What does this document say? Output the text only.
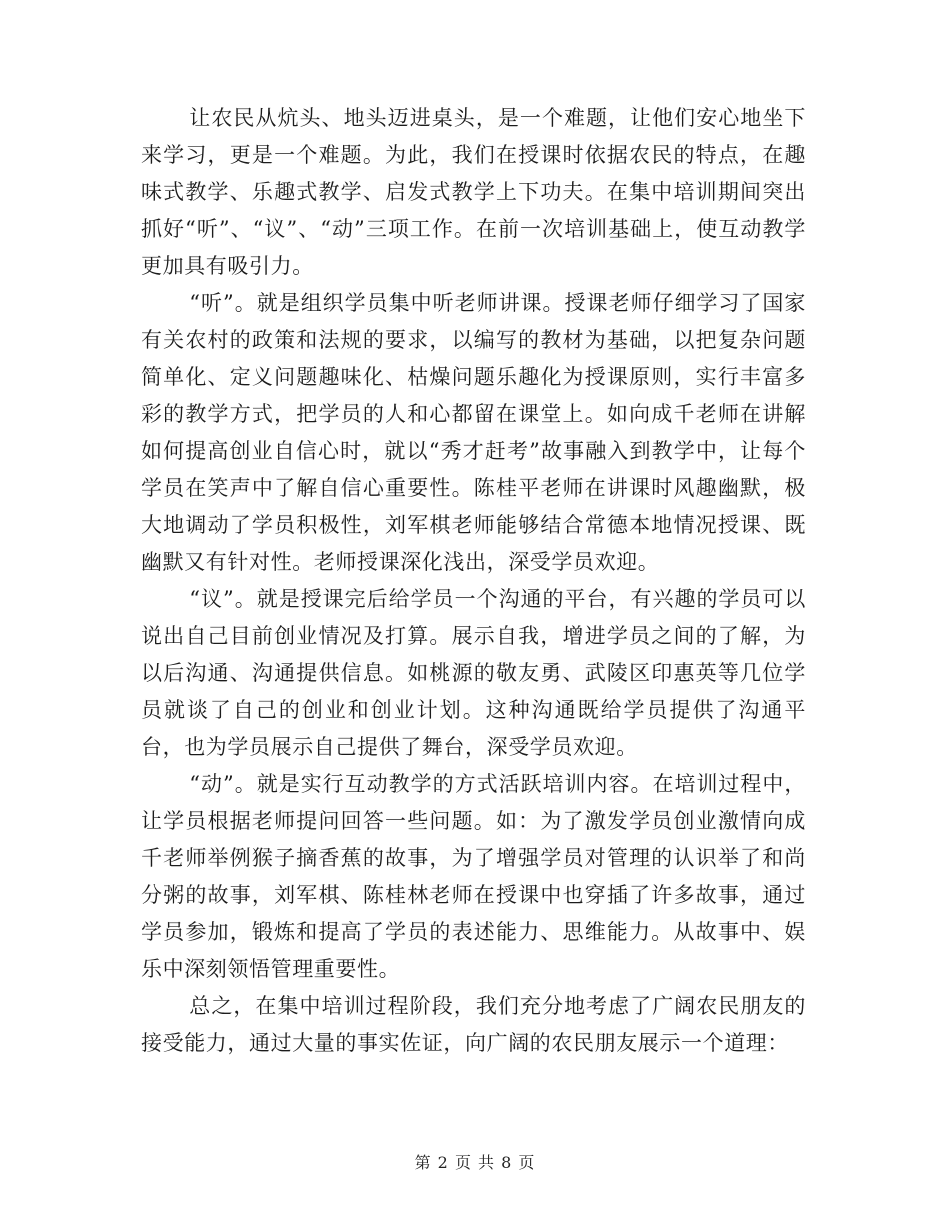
让农民从炕头、地头迈进桌头，是一个难题，让他们安心地坐下来学习，更是一个难题。为此，我们在授课时依据农民的特点，在趣味式教学、乐趣式教学、启发式教学上下功夫。在集中培训期间突出抓好“听”、“议”、“动”三项工作。在前一次培训基础上，使互动教学更加具有吸引力。

“听”。就是组织学员集中听老师讲课。授课老师仔细学习了国家有关农村的政策和法规的要求，以编写的教材为基础，以把复杂问题简单化、定义问题趣味化、枯燥问题乐趣化为授课原则，实行丰富多彩的教学方式，把学员的人和心都留在课堂上。如向成千老师在讲解如何提高创业自信心时，就以“秀才赶考”故事融入到教学中，让每个学员在笑声中了解自信心重要性。陈桂平老师在讲课时风趣幽默，极大地调动了学员积极性，刘军棋老师能够结合常德本地情况授课、既幽默又有针对性。老师授课深化浅出，深受学员欢迎。

“议”。就是授课完后给学员一个沟通的平台，有兴趣的学员可以说出自己目前创业情况及打算。展示自我，增进学员之间的了解，为以后沟通、沟通提供信息。如桃源的敬友勇、武陵区印惠英等几位学员就谈了自己的创业和创业计划。这种沟通既给学员提供了沟通平台，也为学员展示自己提供了舞台，深受学员欢迎。

“动”。就是实行互动教学的方式活跃培训内容。在培训过程中，让学员根据老师提问回答一些问题。如：为了激发学员创业激情向成千老师举例猴子摘香蕉的故事，为了增强学员对管理的认识举了和尚分粥的故事，刘军棋、陈桂林老师在授课中也穿插了许多故事，通过学员参加，锻炼和提高了学员的表述能力、思维能力。从故事中、娱乐中深刻领悟管理重要性。

总之，在集中培训过程阶段，我们充分地考虑了广阔农民朋友的接受能力，通过大量的事实佐证，向广阔的农民朋友展示一个道理：

第 2 页 共 8 页
